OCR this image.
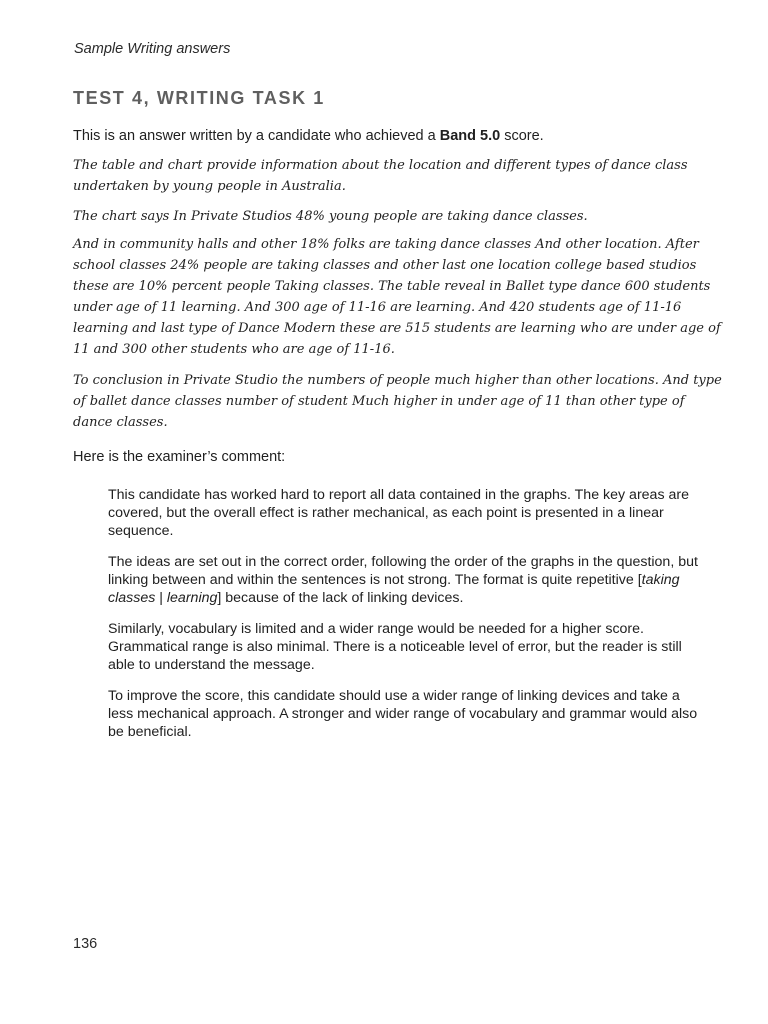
Sample Writing answers
TEST 4, WRITING TASK 1
This is an answer written by a candidate who achieved a Band 5.0 score.
The table and chart provide information about the location and different types of dance class undertaken by young people in Australia.
The chart says In Private Studios 48% young people are taking dance classes.
And in community halls and other 18% folks are taking dance classes And other location. After school classes 24% people are taking classes and other last one location college based studios these are 10% percent people Taking classes. The table reveal in Ballet type dance 600 students under age of 11 learning. And 300 age of 11-16 are learning. And 420 students age of 11-16 learning and last type of Dance Modern these are 515 students are learning who are under age of 11 and 300 other students who are age of 11-16.
To conclusion in Private Studio the numbers of people much higher than other locations. And type of ballet dance classes number of student Much higher in under age of 11 than other type of dance classes.
Here is the examiner’s comment:
This candidate has worked hard to report all data contained in the graphs. The key areas are covered, but the overall effect is rather mechanical, as each point is presented in a linear sequence.
The ideas are set out in the correct order, following the order of the graphs in the question, but linking between and within the sentences is not strong. The format is quite repetitive [taking classes | learning] because of the lack of linking devices.
Similarly, vocabulary is limited and a wider range would be needed for a higher score. Grammatical range is also minimal. There is a noticeable level of error, but the reader is still able to understand the message.
To improve the score, this candidate should use a wider range of linking devices and take a less mechanical approach. A stronger and wider range of vocabulary and grammar would also be beneficial.
136
